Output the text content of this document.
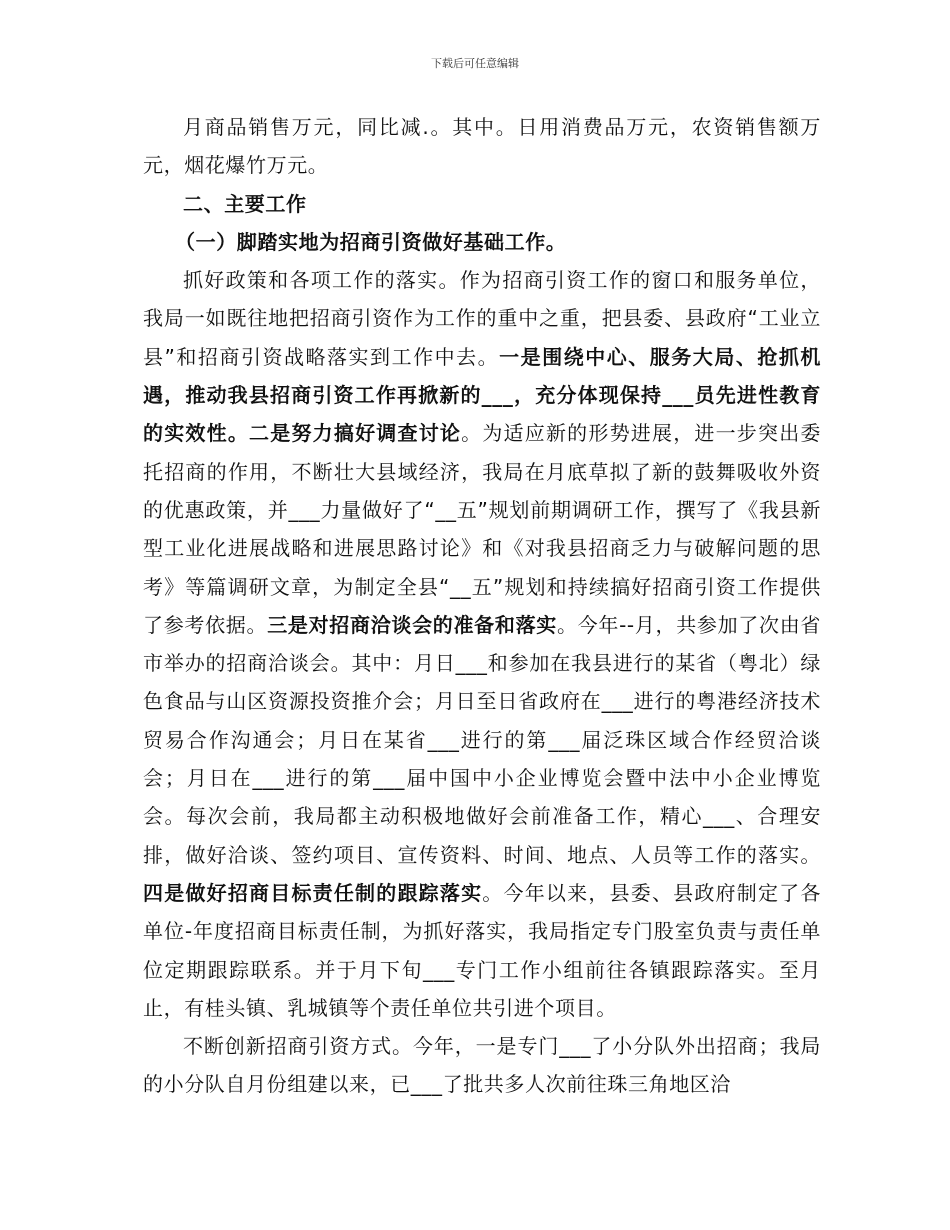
下载后可任意编辑

月商品销售万元，同比减.。其中。日用消费品万元，农资销售额万元，烟花爆竹万元。

二、主要工作

（一）脚踏实地为招商引资做好基础工作。

抓好政策和各项工作的落实。作为招商引资工作的窗口和服务单位，我局一如既往地把招商引资作为工作的重中之重，把县委、县政府“工业立县”和招商引资战略落实到工作中去。一是围绕中心、服务大局、抢抓机遇，推动我县招商引资工作再掀新的___，充分体现保持___员先进性教育的实效性。二是努力搞好调查讨论。为适应新的形势进展，进一步突出委托招商的作用，不断壮大县域经济，我局在月底草拟了新的鼓舞吸收外资的优惠政策，并___力量做好了“__五”规划前期调研工作，撰写了《我县新型工业化进展战略和进展思路讨论》和《对我县招商乏力与破解问题的思考》等篇调研文章，为制定全县“__五”规划和持续搞好招商引资工作提供了参考依据。三是对招商洽谈会的准备和落实。今年--月，共参加了次由省市举办的招商洽谈会。其中：月日___和参加在我县进行的某省（粤北）绿色食品与山区资源投资推介会；月日至日省政府在___进行的粤港经济技术贸易合作沟通会；月日在某省___进行的第___届泛珠区域合作经贸洽谈会；月日在___进行的第___届中国中小企业博览会暨中法中小企业博览会。每次会前，我局都主动积极地做好会前准备工作，精心___、合理安排，做好洽谈、签约项目、宣传资料、时间、地点、人员等工作的落实。四是做好招商目标责任制的跟踪落实。今年以来，县委、县政府制定了各单位-年度招商目标责任制，为抓好落实，我局指定专门股室负责与责任单位定期跟踪联系。并于月下旬___专门工作小组前往各镇跟踪落实。至月止，有桂头镇、乳城镇等个责任单位共引进个项目。

不断创新招商引资方式。今年，一是专门___了小分队外出招商；我局的小分队自月份组建以来，已___了批共多人次前往珠三角地区洽
